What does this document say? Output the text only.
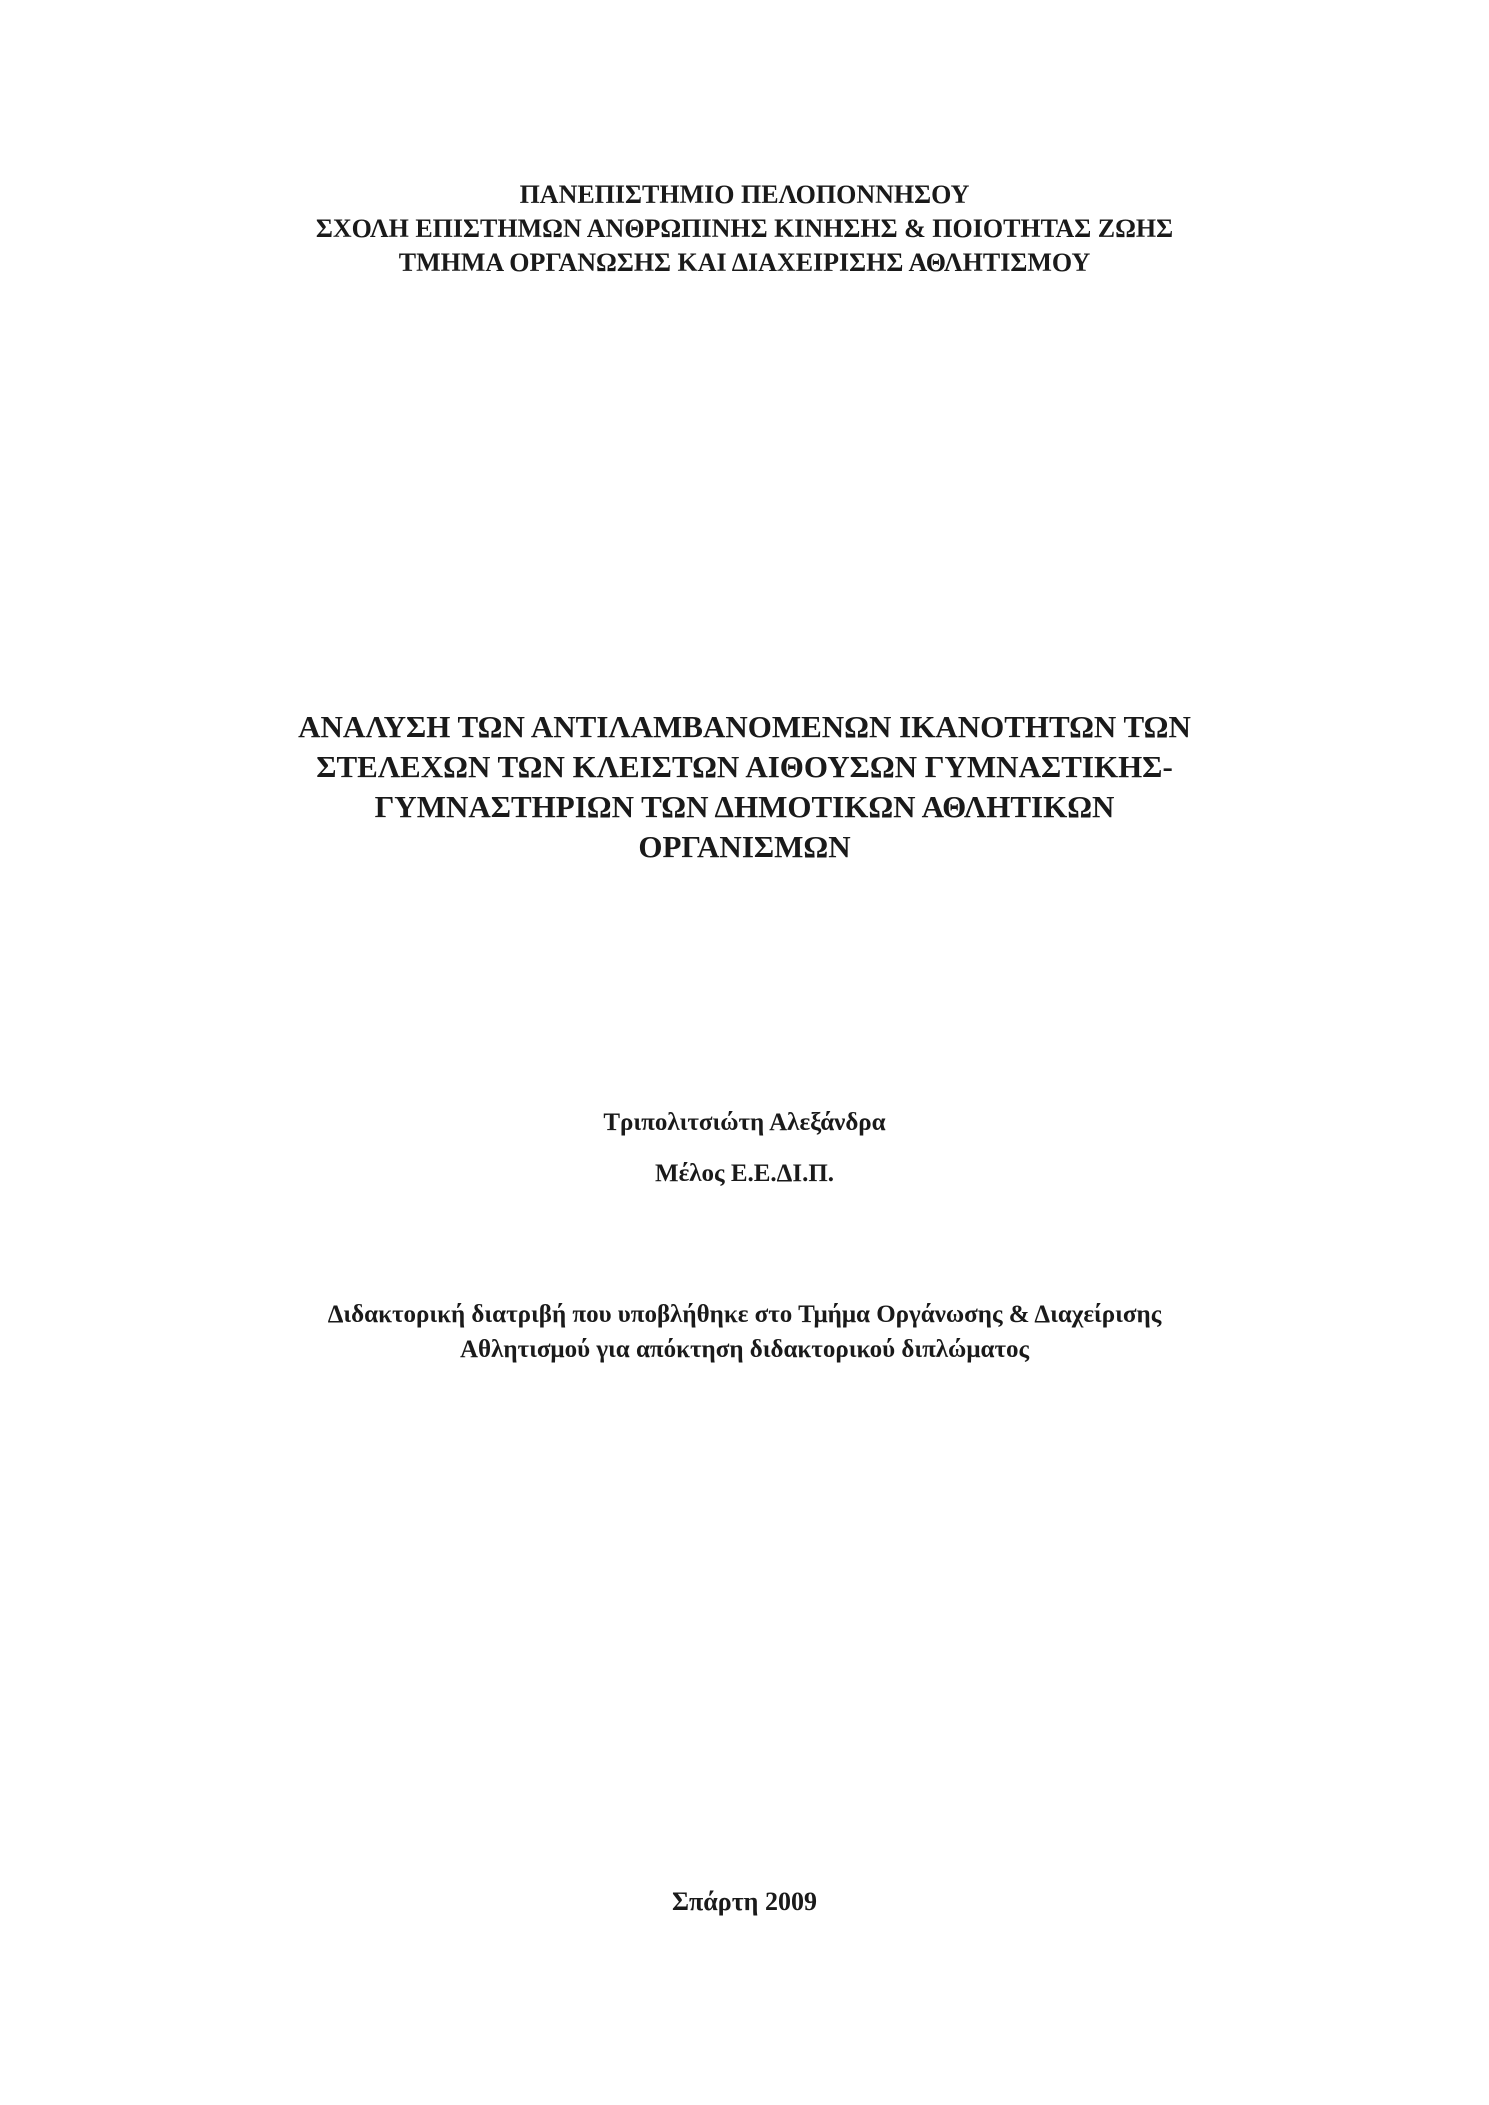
ΠΑΝΕΠΙΣΤΗΜΙΟ ΠΕΛΟΠΟΝΝΗΣΟΥ
ΣΧΟΛΗ ΕΠΙΣΤΗΜΩΝ ΑΝΘΡΩΠΙΝΗΣ ΚΙΝΗΣΗΣ & ΠΟΙΟΤΗΤΑΣ ΖΩΗΣ
ΤΜΗΜΑ ΟΡΓΑΝΩΣΗΣ ΚΑΙ ΔΙΑΧΕΙΡΙΣΗΣ ΑΘΛΗΤΙΣΜΟΥ
ΑΝΑΛΥΣΗ ΤΩΝ ΑΝΤΙΛΑΜΒΑΝΟΜΕΝΩΝ ΙΚΑΝΟΤΗΤΩΝ ΤΩΝ
ΣΤΕΛΕΧΩΝ ΤΩΝ ΚΛΕΙΣΤΩΝ ΑΙΘΟΥΣΩΝ ΓΥΜΝΑΣΤΙΚΗΣ-
ΓΥΜΝΑΣΤΗΡΙΩΝ ΤΩΝ ΔΗΜΟΤΙΚΩΝ ΑΘΛΗΤΙΚΩΝ
ΟΡΓΑΝΙΣΜΩΝ
Τριπολιτσιώτη Αλεξάνδρα
Μέλος Ε.Ε.ΔΙ.Π.
Διδακτορική διατριβή που υποβλήθηκε στο Τμήμα Οργάνωσης & Διαχείρισης
Αθλητισμού για απόκτηση διδακτορικού διπλώματος
Σπάρτη 2009
